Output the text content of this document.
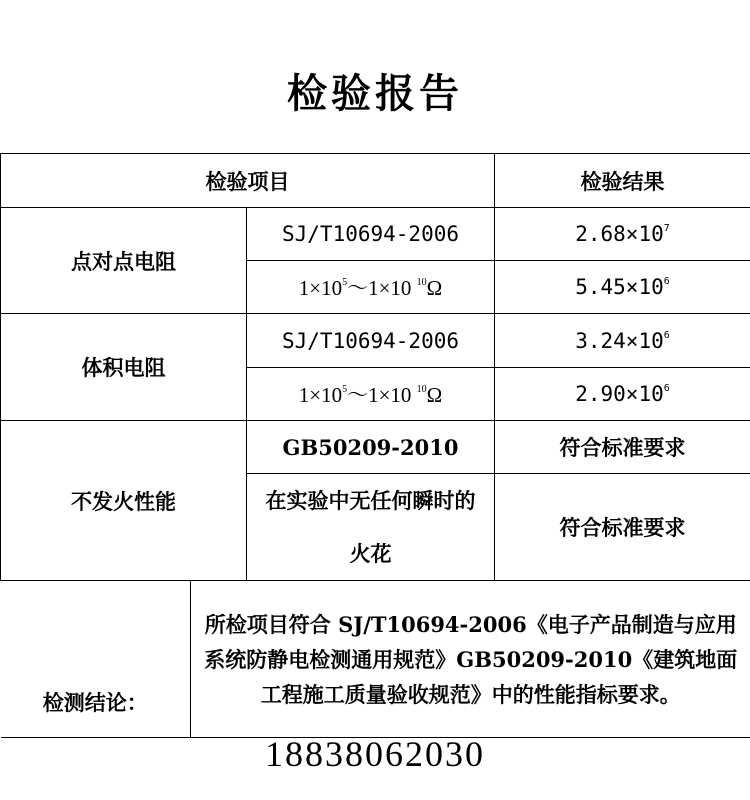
检验报告
检验项目			检验结果
点对点电阻		SJ/T10694-2006	$2.68\times 10^7$
		$1\times 10^5\sim 1\times 10$ $^{10}$Ω	$5.45\times 10^6$
体积电阻		SJ/T10694-2006	$3.24\times 10^6$
		$1\times 10^5\sim 1\times 10$ $^{10}$Ω	$2.90\times 10^6$
不发火性能		GB50209-2010	符合标准要求
		在实验中无任何瞬时的火花	符合标准要求
检测结论：	所检项目符合 SJ/T10694-2006《电子产品制造与应用系统防静电检测通用规范》GB50209-2010《建筑地面工程施工质量验收规范》中的性能指标要求。		
18838062030
